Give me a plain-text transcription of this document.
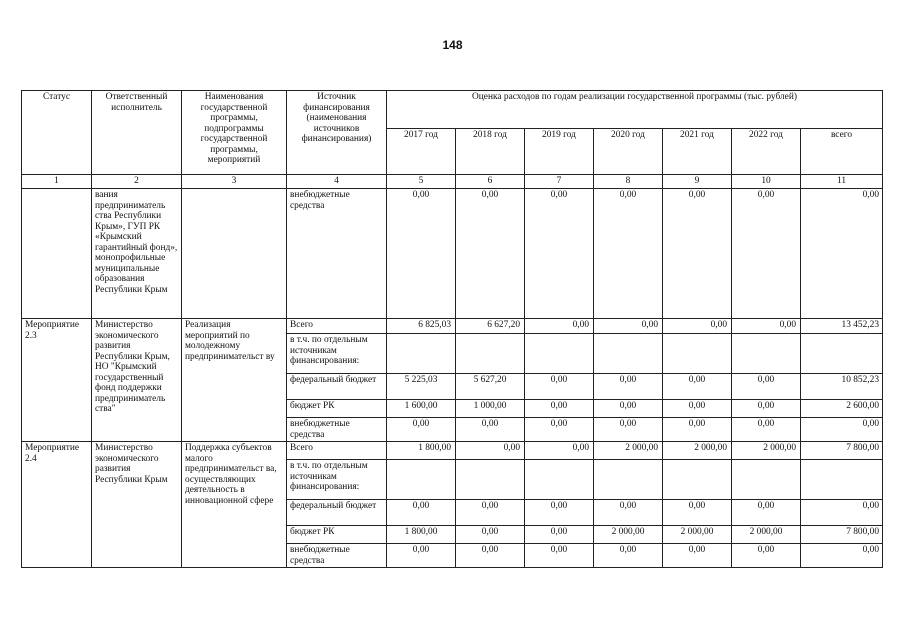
148
Статус	Ответственный исполнитель	Наименования государственной программы, подпрограммы государственной программы, мероприятий	Источник финансирования (наименования источников финансирования)	Оценка расходов по годам реализации государственной программы (тыс. рублей)						
				2017 год	2018 год	2019 год	2020 год	2021 год	2022 год	всего
1	2	3	4	5	6	7	8	9	10	11
	вания предприниматель ства Республики Крым», ГУП РК «Крымский гарантийный фонд», монопрофильные муниципальные образования Республики Крым		внебюджетные средства	0,00	0,00	0,00	0,00	0,00	0,00	0,00
Мероприятие 2.3	Министерство экономического развития Республики Крым, НО "Крымский государственный фонд поддержки предприниматель ства"	Реализация мероприятий по молодежному предпринимательст ву	Всего	6 825,03	6 627,20	0,00	0,00	0,00	0,00	13 452,23
			в т.ч. по отдельным источникам финансирования:							
			федеральный бюджет	5 225,03	5 627,20	0,00	0,00	0,00	0,00	10 852,23
			бюджет РК	1 600,00	1 000,00	0,00	0,00	0,00	0,00	2 600,00
			внебюджетные средства	0,00	0,00	0,00	0,00	0,00	0,00	0,00
Мероприятие 2.4	Министерство экономического развития Республики Крым	Поддержка субъектов малого предпринимательст ва, осуществляющих деятельность в инновационной сфере	Всего	1 800,00	0,00	0,00	2 000,00	2 000,00	2 000,00	7 800,00
			в т.ч. по отдельным источникам финансирования:							
			федеральный бюджет	0,00	0,00	0,00	0,00	0,00	0,00	0,00
			бюджет РК	1 800,00	0,00	0,00	2 000,00	2 000,00	2 000,00	7 800,00
			внебюджетные средства	0,00	0,00	0,00	0,00	0,00	0,00	0,00
